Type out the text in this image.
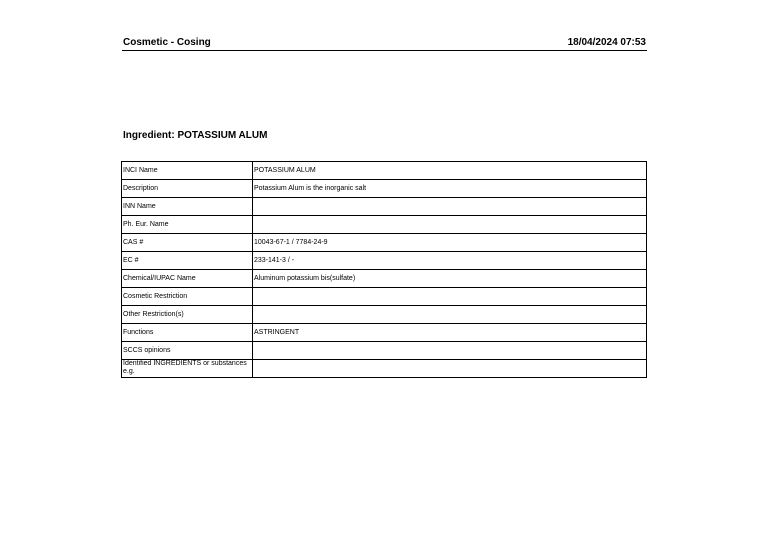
Cosmetic - Cosing	18/04/2024 07:53
Ingredient: POTASSIUM ALUM
INCI Name	POTASSIUM ALUM
Description	Potassium Alum is the inorganic salt
INN Name	
Ph. Eur. Name	
CAS #	10043-67-1 / 7784-24-9
EC #	233-141-3 / -
Chemical/IUPAC Name	Aluminum potassium bis(sulfate)
Cosmetic Restriction	
Other Restriction(s)	
Functions	ASTRINGENT
SCCS opinions	
Identified INGREDIENTS or substances e.g.	
